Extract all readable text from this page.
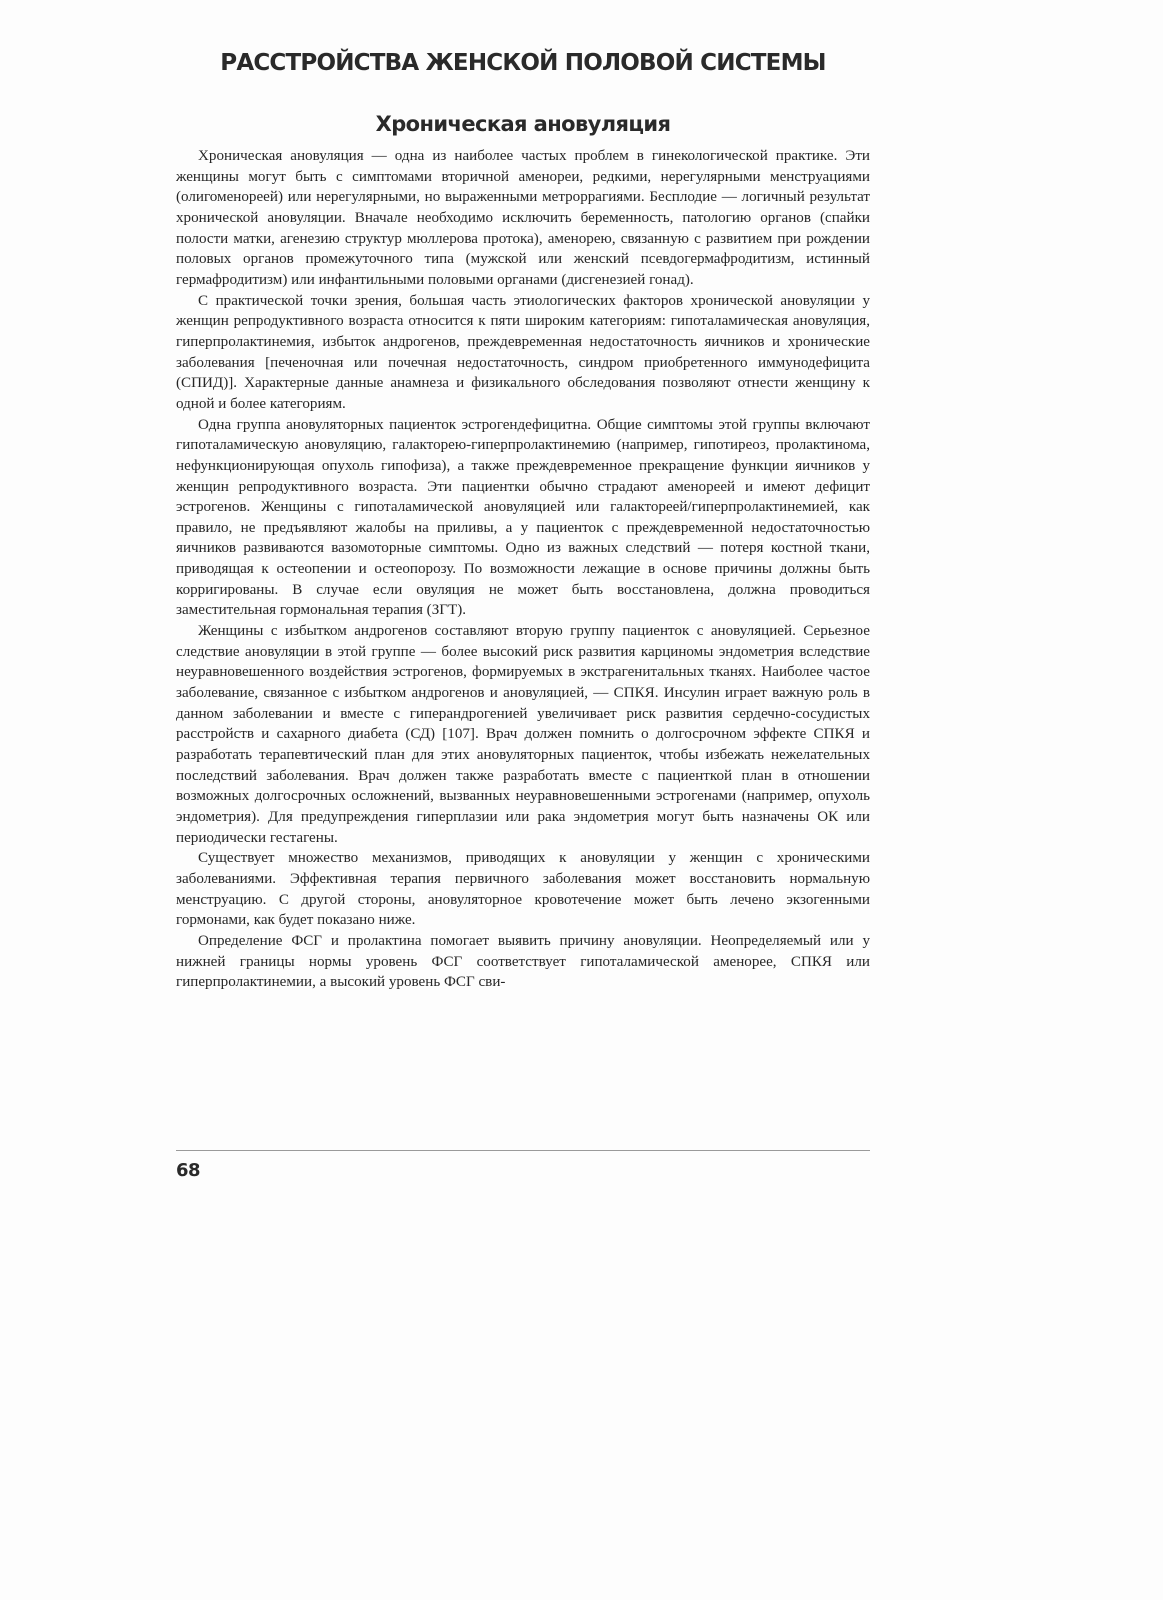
РАССТРОЙСТВА ЖЕНСКОЙ ПОЛОВОЙ СИСТЕМЫ
Хроническая ановуляция

Хроническая ановуляция — одна из наиболее частых проблем в гинекологической практике. Эти женщины могут быть с симптомами вторичной аменореи, редкими, нерегулярными менструациями (олигоменореей) или нерегулярными, но выраженными метроррагиями. Бесплодие — логичный результат хронической ановуляции. Вначале необходимо исключить беременность, патологию органов (спайки полости матки, агенезию структур мюллерова протока), аменорею, связанную с развитием при рождении половых органов промежуточного типа (мужской или женский псевдогермафродитизм, истинный гермафродитизм) или инфантильными половыми органами (дисгенезией гонад).

С практической точки зрения, большая часть этиологических факторов хронической ановуляции у женщин репродуктивного возраста относится к пяти широким категориям: гипоталамическая ановуляция, гиперпролактинемия, избыток андрогенов, преждевременная недостаточность яичников и хронические заболевания [печеночная или почечная недостаточность, синдром приобретенного иммунодефицита (СПИД)]. Характерные данные анамнеза и физикального обследования позволяют отнести женщину к одной и более категориям.

Одна группа ановуляторных пациенток эстрогендефицитна. Общие симптомы этой группы включают гипоталамическую ановуляцию, галакторею-гиперпролактинемию (например, гипотиреоз, пролактинома, нефункционирующая опухоль гипофиза), а также преждевременное прекращение функции яичников у женщин репродуктивного возраста. Эти пациентки обычно страдают аменореей и имеют дефицит эстрогенов. Женщины с гипоталамической ановуляцией или галактореей/гиперпролактинемией, как правило, не предъявляют жалобы на приливы, а у пациенток с преждевременной недостаточностью яичников развиваются вазомоторные симптомы. Одно из важных следствий — потеря костной ткани, приводящая к остеопении и остеопорозу. По возможности лежащие в основе причины должны быть корригированы. В случае если овуляция не может быть восстановлена, должна проводиться заместительная гормональная терапия (ЗГТ).

Женщины с избытком андрогенов составляют вторую группу пациенток с ановуляцией. Серьезное следствие ановуляции в этой группе — более высокий риск развития карциномы эндометрия вследствие неуравновешенного воздействия эстрогенов, формируемых в экстрагенитальных тканях. Наиболее частое заболевание, связанное с избытком андрогенов и ановуляцией, — СПКЯ. Инсулин играет важную роль в данном заболевании и вместе с гиперандрогенией увеличивает риск развития сердечно-сосудистых расстройств и сахарного диабета (СД) [107]. Врач должен помнить о долгосрочном эффекте СПКЯ и разработать терапевтический план для этих ановуляторных пациенток, чтобы избежать нежелательных последствий заболевания. Врач должен также разработать вместе с пациенткой план в отношении возможных долгосрочных осложнений, вызванных неуравновешенными эстрогенами (например, опухоль эндометрия). Для предупреждения гиперплазии или рака эндометрия могут быть назначены ОК или периодически гестагены.

Существует множество механизмов, приводящих к ановуляции у женщин с хроническими заболеваниями. Эффективная терапия первичного заболевания может восстановить нормальную менструацию. С другой стороны, ановуляторное кровотечение может быть лечено экзогенными гормонами, как будет показано ниже.

Определение ФСГ и пролактина помогает выявить причину ановуляции. Неопределяемый или у нижней границы нормы уровень ФСГ соответствует гипоталамической аменорее, СПКЯ или гиперпролактинемии, а высокий уровень ФСГ сви-

68
